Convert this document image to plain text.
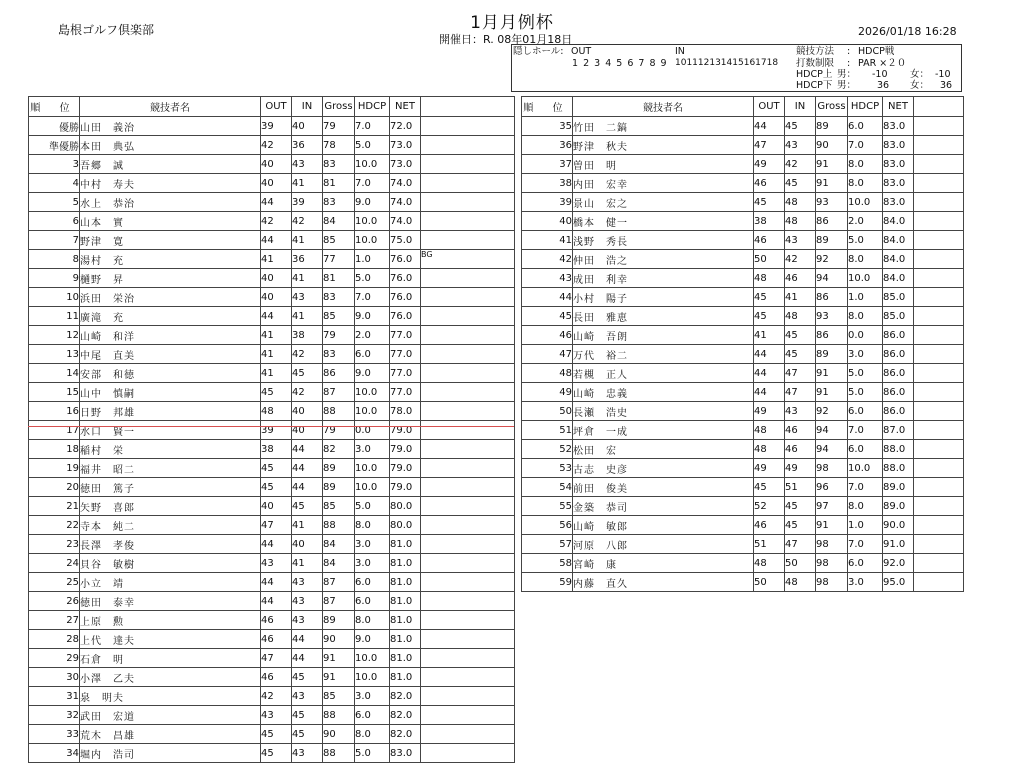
島根ゴルフ倶楽部	1月月例杯
開催日：R. 08年01月18日
2026/01/18 16:28
隠しホール: OUT
1 2 3 4 5 6 7 8 9
IN
101112131415161718
競技方法 : HDCP戦
打数制限 : PAR ×２０
HDCP上 男： -10 女： -10
HDCP下 男： 36 女： 36
順 位	競技者名	OUT	IN	Gross	HDCP	NET	
優勝	山田　義治	39	40	79	7.0	72.0	
準優勝	本田　典弘	42	36	78	5.0	73.0	
3	吾郷　誠	40	43	83	10.0	73.0	
4	中村　寿夫	40	41	81	7.0	74.0	
5	水上　恭治	44	39	83	9.0	74.0	
6	山本　實	42	42	84	10.0	74.0	
7	野津　寛	44	41	85	10.0	75.0	
8	湯村　充	41	36	77	1.0	76.0	BG
9	樋野　昇	40	41	81	5.0	76.0	
10	浜田　栄治	40	43	83	7.0	76.0	
11	廣滝　充	44	41	85	9.0	76.0	
12	山崎　和洋	41	38	79	2.0	77.0	
13	中尾　直美	41	42	83	6.0	77.0	
14	安部　和徳	41	45	86	9.0	77.0	
15	山中　慎嗣	45	42	87	10.0	77.0	
16	日野　邦雄	48	40	88	10.0	78.0	
17	水口　賢一	39	40	79	0.0	79.0	
18	稲村　栄	38	44	82	3.0	79.0	
19	福井　昭二	45	44	89	10.0	79.0	
20	徳田　篤子	45	44	89	10.0	79.0	
21	矢野　喜郎	40	45	85	5.0	80.0	
22	寺本　純二	47	41	88	8.0	80.0	
23	長澤　孝俊	44	40	84	3.0	81.0	
24	貝谷　敏樹	43	41	84	3.0	81.0	
25	小立　靖	44	43	87	6.0	81.0	
26	徳田　泰幸	44	43	87	6.0	81.0	
27	上原　勲	46	43	89	8.0	81.0	
28	上代　達夫	46	44	90	9.0	81.0	
29	石倉　明	47	44	91	10.0	81.0	
30	小澤　乙夫	46	45	91	10.0	81.0	
31	泉　明夫	42	43	85	3.0	82.0	
32	武田　宏道	43	45	88	6.0	82.0	
33	荒木　昌雄	45	45	90	8.0	82.0	
34	堀内　浩司	45	43	88	5.0	83.0	
順 位	競技者名	OUT	IN	Gross	HDCP	NET	
35	竹田　二鎬	44	45	89	6.0	83.0	
36	野津　秋夫	47	43	90	7.0	83.0	
37	曽田　明	49	42	91	8.0	83.0	
38	内田　宏幸	46	45	91	8.0	83.0	
39	景山　宏之	45	48	93	10.0	83.0	
40	橋本　健一	38	48	86	2.0	84.0	
41	浅野　秀長	46	43	89	5.0	84.0	
42	仲田　浩之	50	42	92	8.0	84.0	
43	成田　利幸	48	46	94	10.0	84.0	
44	小村　陽子	45	41	86	1.0	85.0	
45	長田　雅恵	45	48	93	8.0	85.0	
46	山崎　吾朗	41	45	86	0.0	86.0	
47	万代　裕二	44	45	89	3.0	86.0	
48	若槻　正人	44	47	91	5.0	86.0	
49	山崎　忠義	44	47	91	5.0	86.0	
50	長瀬　浩史	49	43	92	6.0	86.0	
51	坪倉　一成	48	46	94	7.0	87.0	
52	松田　宏	48	46	94	6.0	88.0	
53	古志　史彦	49	49	98	10.0	88.0	
54	前田　俊美	45	51	96	7.0	89.0	
55	金築　恭司	52	45	97	8.0	89.0	
56	山崎　敏郎	46	45	91	1.0	90.0	
57	河原　八郎	51	47	98	7.0	91.0	
58	宮崎　康	48	50	98	6.0	92.0	
59	内藤　直久	50	48	98	3.0	95.0	
